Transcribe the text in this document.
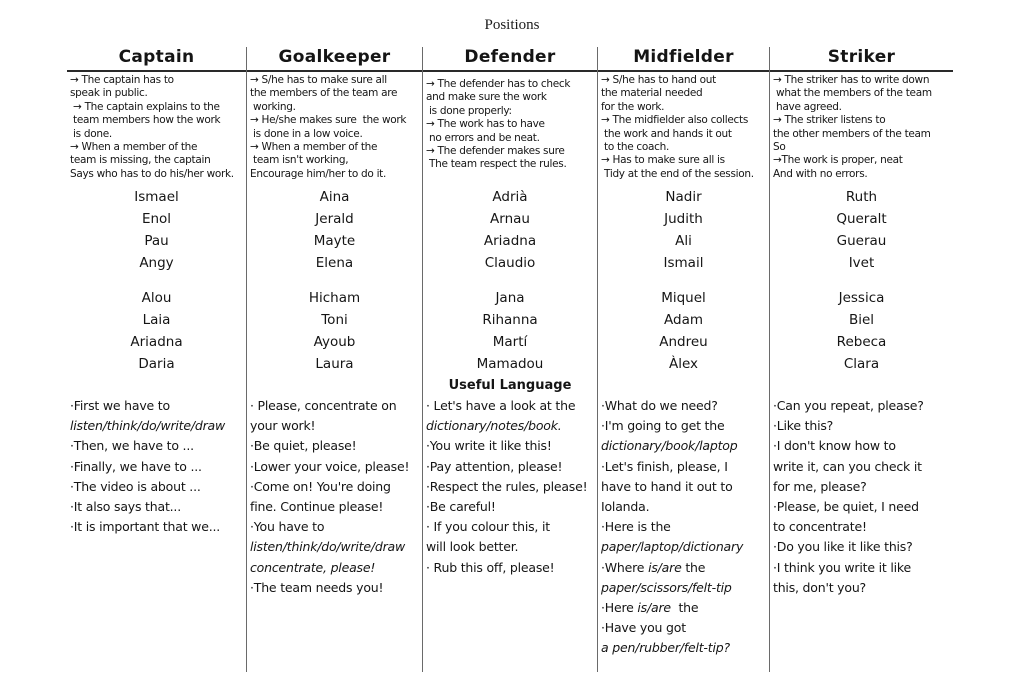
Positions
Captain
→ The captain has to
speak in public.
→ The captain explains to the
team members how the work
is done.
→ When a member of the
team is missing, the captain
Says who has to do his/her work.
Ismael
Enol
Pau
Angy
Alou
Laia
Ariadna
Daria
·First we have to
listen/think/do/write/draw
·Then, we have to ...
·Finally, we have to ...
·The video is about ...
·It also says that...
·It is important that we...
Goalkeeper
→ S/he has to make sure all
the members of the team are
working.
→ He/she makes sure  the work
is done in a low voice.
→ When a member of the
team isn't working,
Encourage him/her to do it.
Aina
Jerald
Mayte
Elena
Hicham
Toni
Ayoub
Laura
· Please, concentrate on
your work!
·Be quiet, please!
·Lower your voice, please!
·Come on! You're doing
fine. Continue please!
·You have to
listen/think/do/write/draw
concentrate, please!
·The team needs you!
Defender
→ The defender has to check
and make sure the work
is done properly:
→ The work has to have
no errors and be neat.
→ The defender makes sure
The team respect the rules.
Adrià
Arnau
Ariadna
Claudio
Jana
Rihanna
Martí
Mamadou
Useful Language
· Let's have a look at the
dictionary/notes/book.
·You write it like this!
·Pay attention, please!
·Respect the rules, please!
·Be careful!
· If you colour this, it
will look better.
· Rub this off, please!
Midfielder
→ S/he has to hand out
the material needed
for the work.
→ The midfielder also collects
the work and hands it out
to the coach.
→ Has to make sure all is
Tidy at the end of the session.
Nadir
Judith
Ali
Ismail
Miquel
Adam
Andreu
Àlex
·What do we need?
·I'm going to get the
dictionary/book/laptop
·Let's finish, please, I
have to hand it out to
Iolanda.
·Here is the
paper/laptop/dictionary
·Where is/are the
paper/scissors/felt-tip
·Here is/are  the
·Have you got
a pen/rubber/felt-tip?
Striker
→ The striker has to write down
what the members of the team
have agreed.
→ The striker listens to
the other members of the team
So
→The work is proper, neat
And with no errors.
Ruth
Queralt
Guerau
Ivet
Jessica
Biel
Rebeca
Clara
·Can you repeat, please?
·Like this?
·I don't know how to
write it, can you check it
for me, please?
·Please, be quiet, I need
to concentrate!
·Do you like it like this?
·I think you write it like
this, don't you?
